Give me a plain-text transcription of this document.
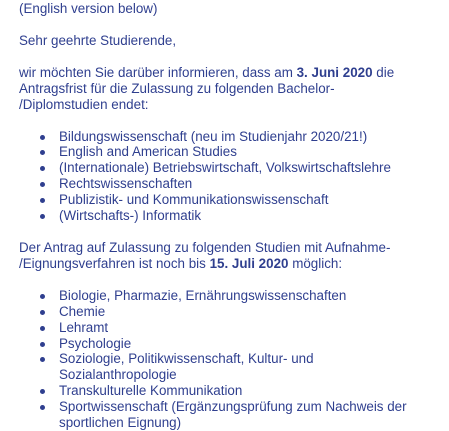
(English version below)
Sehr geehrte Studierende,
wir möchten Sie darüber informieren, dass am 3. Juni 2020 die
Antragsfrist für die Zulassung zu folgenden Bachelor-
/Diplomstudien endet:
Bildungswissenschaft (neu im Studienjahr 2020/21!)
English and American Studies
(Internationale) Betriebswirtschaft, Volkswirtschaftslehre
Rechtswissenschaften
Publizistik- und Kommunikationswissenschaft
(Wirtschafts-) Informatik
Der Antrag auf Zulassung zu folgenden Studien mit Aufnahme-
/Eignungsverfahren ist noch bis 15. Juli 2020 möglich:
Biologie, Pharmazie, Ernährungswissenschaften
Chemie
Lehramt
Psychologie
Soziologie, Politikwissenschaft, Kultur- und
Sozialanthropologie
Transkulturelle Kommunikation
Sportwissenschaft (Ergänzungsprüfung zum Nachweis der
sportlichen Eignung)
